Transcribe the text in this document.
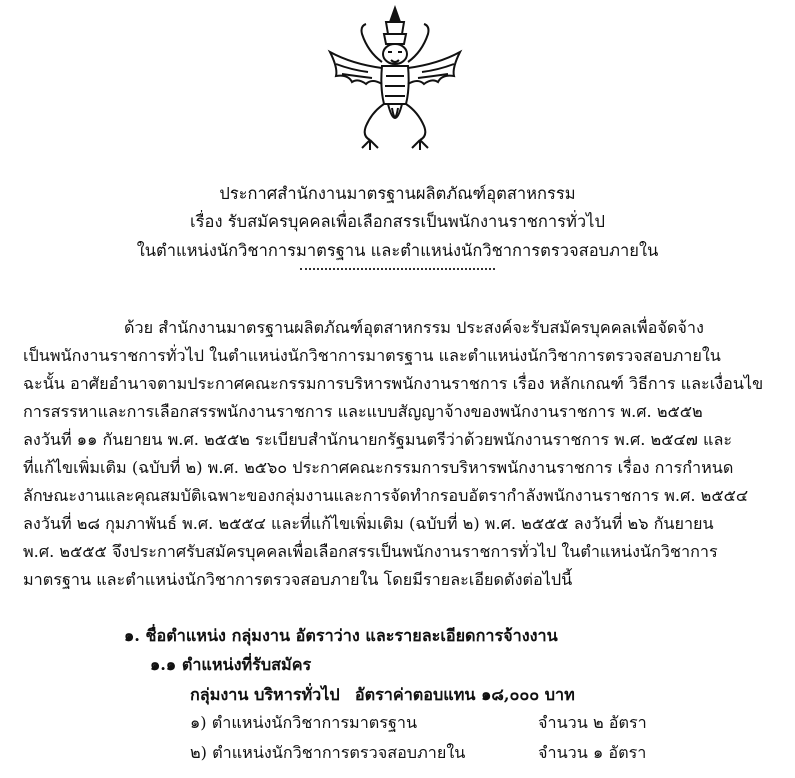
ประกาศสำนักงานมาตรฐานผลิตภัณฑ์อุตสาหกรรม
เรื่อง รับสมัครบุคคลเพื่อเลือกสรรเป็นพนักงานราชการทั่วไป
ในตำแหน่งนักวิชาการมาตรฐาน และตำแหน่งนักวิชาการตรวจสอบภายใน
ด้วย สำนักงานมาตรฐานผลิตภัณฑ์อุตสาหกรรม ประสงค์จะรับสมัครบุคคลเพื่อจัดจ้าง
เป็นพนักงานราชการทั่วไป ในตำแหน่งนักวิชาการมาตรฐาน และตำแหน่งนักวิชาการตรวจสอบภายใน
ฉะนั้น อาศัยอำนาจตามประกาศคณะกรรมการบริหารพนักงานราชการ เรื่อง หลักเกณฑ์ วิธีการ และเงื่อนไข
การสรรหาและการเลือกสรรพนักงานราชการ และแบบสัญญาจ้างของพนักงานราชการ พ.ศ. ๒๕๕๒
ลงวันที่ ๑๑ กันยายน พ.ศ. ๒๕๕๒ ระเบียบสำนักนายกรัฐมนตรีว่าด้วยพนักงานราชการ พ.ศ. ๒๕๔๗ และ
ที่แก้ไขเพิ่มเติม (ฉบับที่ ๒) พ.ศ. ๒๕๖๐ ประกาศคณะกรรมการบริหารพนักงานราชการ เรื่อง การกำหนด
ลักษณะงานและคุณสมบัติเฉพาะของกลุ่มงานและการจัดทำกรอบอัตรากำลังพนักงานราชการ พ.ศ. ๒๕๕๔
ลงวันที่ ๒๘ กุมภาพันธ์ พ.ศ. ๒๕๕๔ และที่แก้ไขเพิ่มเติม (ฉบับที่ ๒) พ.ศ. ๒๕๕๕ ลงวันที่ ๒๖ กันยายน
พ.ศ. ๒๕๕๕ จึงประกาศรับสมัครบุคคลเพื่อเลือกสรรเป็นพนักงานราชการทั่วไป ในตำแหน่งนักวิชาการ
มาตรฐาน และตำแหน่งนักวิชาการตรวจสอบภายใน โดยมีรายละเอียดดังต่อไปนี้
๑. ชื่อตำแหน่ง กลุ่มงาน อัตราว่าง และรายละเอียดการจ้างงาน
๑.๑ ตำแหน่งที่รับสมัคร
กลุ่มงาน บริหารทั่วไป อัตราค่าตอบแทน ๑๘,๐๐๐ บาท
๑) ตำแหน่งนักวิชาการมาตรฐาน	จำนวน ๒ อัตรา
๒) ตำแหน่งนักวิชาการตรวจสอบภายใน	จำนวน ๑ อัตรา
